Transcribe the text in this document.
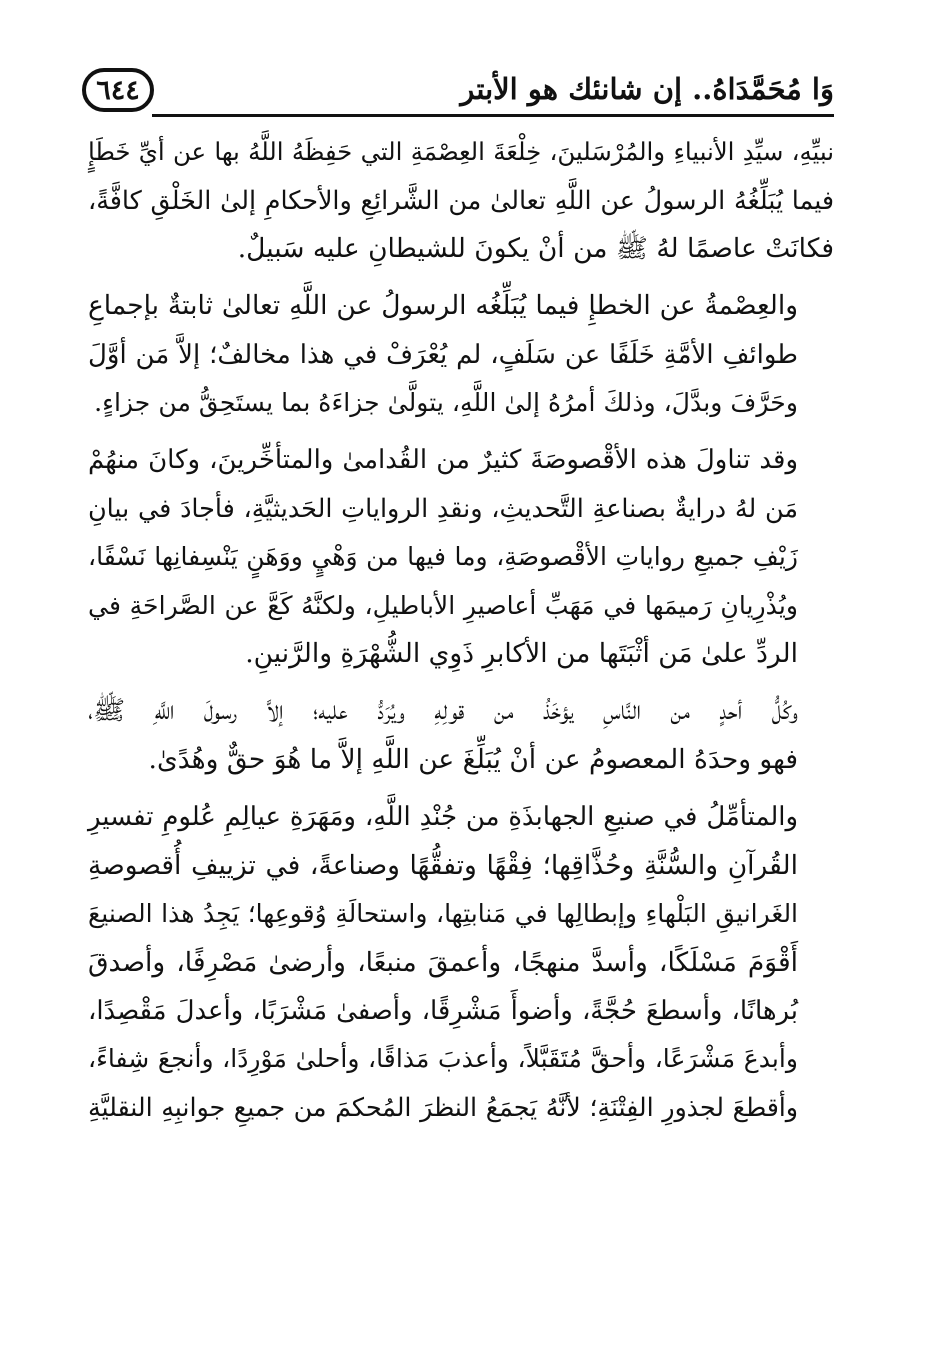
٦٤٤	وَا مُحَمَّدَاهُ.. إن شانئك هو الأبتر

نبيِّهِ، سيِّدِ الأنبياءِ والمُرْسَلينَ، خِلْعَةَ العِصْمَةِ التي حَفِظَهُ اللَّهُ بها عن أيِّ خَطَإٍ
فيما يُبَلِّغُهُ الرسولُ عن اللَّهِ تعالىٰ من الشَّرائِعِ والأحكامِ إلىٰ الخَلْقِ كافَّةً،
فكانَتْ عاصمًا لهُ ﷺ من أنْ يكونَ للشيطانِ عليه سَبيلٌ.

والعِصْمةُ عن الخطإِ فيما يُبَلِّغُه الرسولُ عن اللَّهِ تعالىٰ ثابتةٌ بإجماعِ
طوائفِ الأمَّةِ خَلَفًا عن سَلَفٍ، لم يُعْرَفْ في هذا مخالفٌ؛ إلاَّ مَن أوَّلَ
وحَرَّفَ وبدَّلَ، وذلكَ أمرُهُ إلىٰ اللَّهِ، يتولَّىٰ جزاءَهُ بما يستَحِقُّ من جزاءٍ.

وقد تناولَ هذه الأقْصوصَةَ كثيرٌ من القُدامىٰ والمتأخِّرينَ، وكانَ منهُمْ
مَن لهُ درايةٌ بصناعةِ التَّحديثِ، ونقدِ الرواياتِ الحَديثيَّةِ، فأجادَ في بيانِ
زَيْفِ جميعِ رواياتِ الأقْصوصَةِ، وما فيها من وَهْيٍ ووَهَنٍ يَنْسِفانِها نَسْفًا،
ويُذْرِيانِ رَميمَها في مَهَبِّ أعاصيرِ الأباطيلِ، ولكنَّهُ كَعَّ عن الصَّراحَةِ في
الردِّ علىٰ مَن أثْبَتَها من الأكابرِ ذَوِي الشُّهْرَةِ والرَّنينِ.

وكُلُّ أحدٍ من النَّاسِ يؤخَذُ من قولِهِ ويُرَدُّ عليه؛ إلاَّ رسولَ اللَّهِ ﷺ،
فهو وحدَهُ المعصومُ عن أنْ يُبَلِّغَ عن اللَّهِ إلاَّ ما هُوَ حقٌّ وهُدًىٰ.

والمتأمِّلُ في صنيعِ الجهابذَةِ من جُنْدِ اللَّهِ، ومَهَرَةِ عيالِمِ عُلومِ تفسيرِ
القُرآنِ والسُّنَّةِ وحُذَّاقِها؛ فِقْهًا وتفقُّهًا وصناعةً، في تزييفِ أُقصوصةِ
الغَرانيقِ البَلْهاءِ وإبطالِها في مَنابتِها، واستحالَةِ وُقوعِها؛ يَجِدُ هذا الصنيعَ
أَقْوَمَ مَسْلَكًا، وأسدَّ منهجًا، وأعمقَ منبعًا، وأرضىٰ مَصْرِفًا، وأصدقَ
بُرهانًا، وأسطعَ حُجَّةً، وأضوأَ مَشْرِقًا، وأصفىٰ مَشْرَبًا، وأعدلَ مَقْصِدًا،
وأبدعَ مَشْرَعًا، وأحقَّ مُتَقَبَّلاً، وأعذبَ مَذاقًا، وأحلىٰ مَوْرِدًا، وأنجعَ شِفاءً،
وأقطعَ لجذورِ الفِتْنَةِ؛ لأنَّهُ يَجمَعُ النظرَ المُحكمَ من جميعِ جوانبِهِ النقليَّةِ
